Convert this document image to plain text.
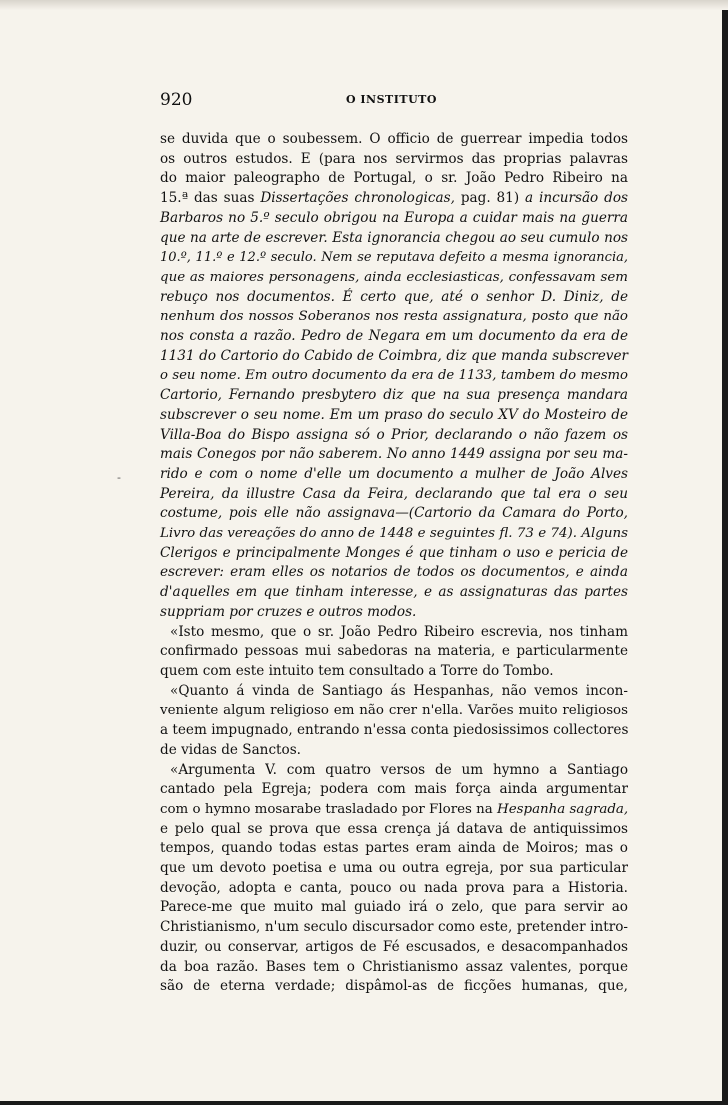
920	O INSTITUTO
-

se duvida que o soubessem. O officio de guerrear impedia todos
os outros estudos. E (para nos servirmos das proprias palavras
do maior paleographo de Portugal, o sr. João Pedro Ribeiro na
15.ª das suas Dissertações chronologicas, pag. 81) a incursão dos
Barbaros no 5.º seculo obrigou na Europa a cuidar mais na guerra
que na arte de escrever. Esta ignorancia chegou ao seu cumulo nos
10.º, 11.º e 12.º seculo. Nem se reputava defeito a mesma ignorancia,
que as maiores personagens, ainda ecclesiasticas, confessavam sem
rebuço nos documentos. É certo que, até o senhor D. Diniz, de
nenhum dos nossos Soberanos nos resta assignatura, posto que não
nos consta a razão. Pedro de Negara em um documento da era de
1131 do Cartorio do Cabido de Coimbra, diz que manda subscrever
o seu nome. Em outro documento da era de 1133, tambem do mesmo
Cartorio, Fernando presbytero diz que na sua presença mandara
subscrever o seu nome. Em um praso do seculo XV do Mosteiro de
Villa-Boa do Bispo assigna só o Prior, declarando o não fazem os
mais Conegos por não saberem. No anno 1449 assigna por seu ma-
rido e com o nome d'elle um documento a mulher de João Alves
Pereira, da illustre Casa da Feira, declarando que tal era o seu
costume, pois elle não assignava—(Cartorio da Camara do Porto,
Livro das vereações do anno de 1448 e seguintes fl. 73 e 74). Alguns
Clerigos e principalmente Monges é que tinham o uso e pericia de
escrever: eram elles os notarios de todos os documentos, e ainda
d'aquelles em que tinham interesse, e as assignaturas das partes
suppriam por cruzes e outros modos.

«Isto mesmo, que o sr. João Pedro Ribeiro escrevia, nos tinham
confirmado pessoas mui sabedoras na materia, e particularmente
quem com este intuito tem consultado a Torre do Tombo.

«Quanto á vinda de Santiago ás Hespanhas, não vemos incon-
veniente algum religioso em não crer n'ella. Varões muito religiosos
a teem impugnado, entrando n'essa conta piedosissimos collectores
de vidas de Sanctos.

«Argumenta V. com quatro versos de um hymno a Santiago
cantado pela Egreja; podera com mais força ainda argumentar
com o hymno mosarabe trasladado por Flores na Hespanha sagrada,
e pelo qual se prova que essa crença já datava de antiquissimos
tempos, quando todas estas partes eram ainda de Moiros; mas o
que um devoto poetisa e uma ou outra egreja, por sua particular
devoção, adopta e canta, pouco ou nada prova para a Historia.
Parece-me que muito mal guiado irá o zelo, que para servir ao
Christianismo, n'um seculo discursador como este, pretender intro-
duzir, ou conservar, artigos de Fé escusados, e desacompanhados
da boa razão. Bases tem o Christianismo assaz valentes, porque
são de eterna verdade; dispâmol-as de ficções humanas, que,
